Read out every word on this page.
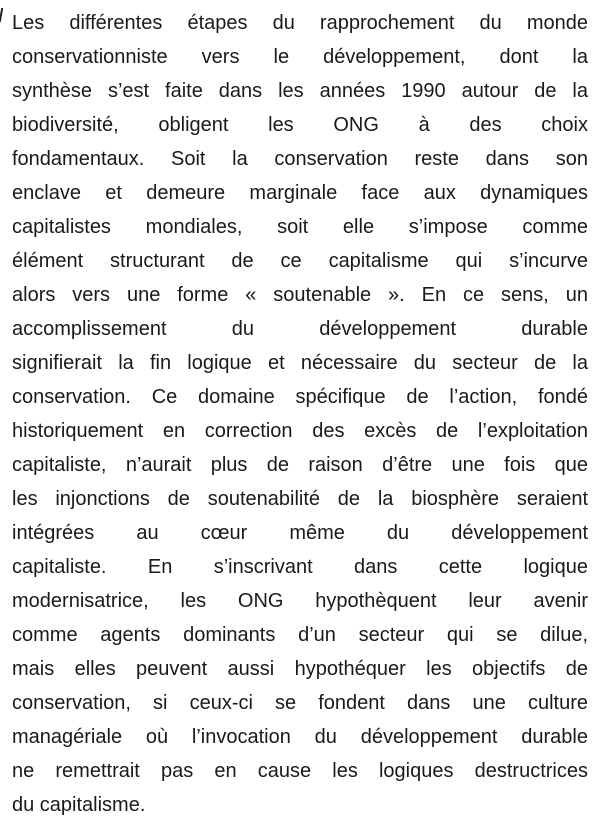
Les différentes étapes du rapprochement du monde
conservationniste vers le développement, dont la
synthèse s’est faite dans les années 1990 autour de la
biodiversité, obligent les ONG à des choix
fondamentaux. Soit la conservation reste dans son
enclave et demeure marginale face aux dynamiques
capitalistes mondiales, soit elle s’impose comme
élément structurant de ce capitalisme qui s’incurve
alors vers une forme « soutenable ». En ce sens, un
accomplissement du développement durable
signifierait la fin logique et nécessaire du secteur de la
conservation. Ce domaine spécifique de l’action, fondé
historiquement en correction des excès de l’exploitation
capitaliste, n’aurait plus de raison d’être une fois que
les injonctions de soutenabilité de la biosphère seraient
intégrées au cœur même du développement
capitaliste. En s’inscrivant dans cette logique
modernisatrice, les ONG hypothèquent leur avenir
comme agents dominants d’un secteur qui se dilue,
mais elles peuvent aussi hypothéquer les objectifs de
conservation, si ceux-ci se fondent dans une culture
managériale où l’invocation du développement durable
ne remettrait pas en cause les logiques destructrices
du capitalisme.
